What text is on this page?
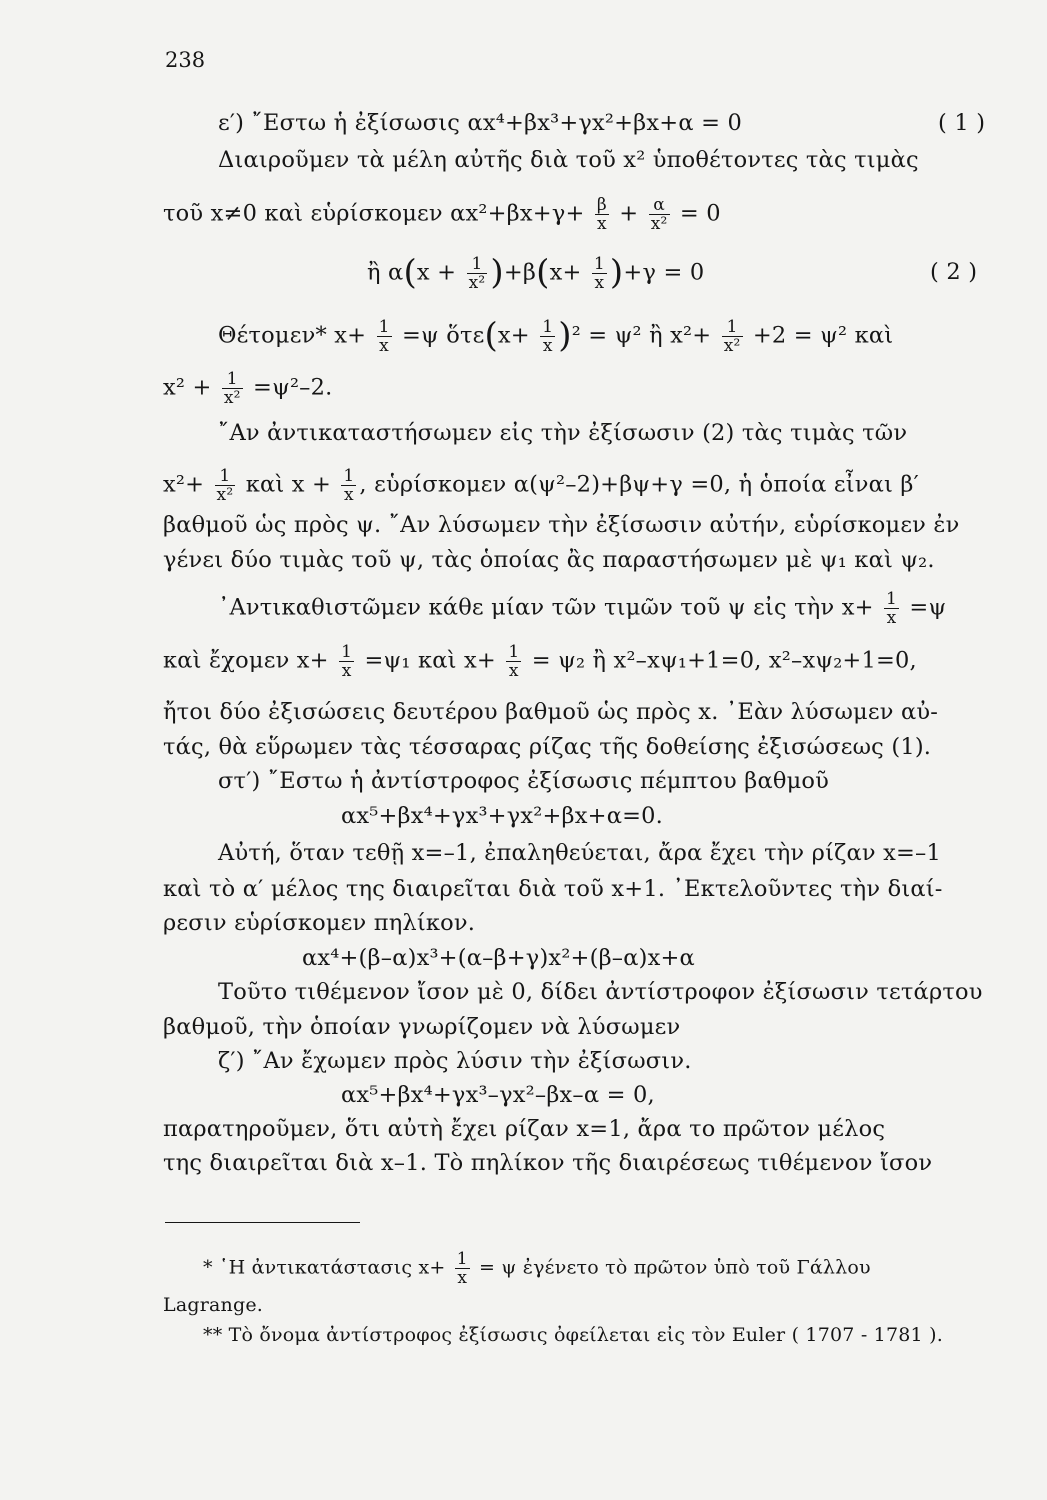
238
ε′) ῎Εστω ἡ ἐξίσωσις αx⁴+βx³+γx²+βx+α = 0	( 1 )
Διαιροῦμεν τὰ μέλη αὐτῆς διὰ τοῦ x² ὑποθέτοντες τὰς τιμὰς
τοῦ x≠0 καὶ εὑρίσκομεν $\alpha x^2+\beta x+\gamma+ \frac{\beta}{x} + \frac{\alpha}{\text{x²}} = 0$
ἢ $\alpha(x + \frac{1}{\text{x²}} )+\beta(x+ \frac{1}{x} )+\gamma = 0$	( 2 )
Θέτομεν* $x+ \frac{1}{x} =\psi$ ὅτε(x+ $\frac{1}{x} )^2 = \psi^2$ ἢ $x^2+ \frac{1}{\text{x²}} +2 = \psi^2$ καὶ
$x^2 + \frac{1}{\text{x²}} =\psi^2-2$.
῎Αν ἀντικαταστήσωμεν εἰς τὴν ἐξίσωσιν (2) τὰς τιμὰς τῶν
$x^2+ \frac{1}{\text{x²}}$ καὶ $x + \frac{1}{x}$ , εὑρίσκομεν α(ψ²–2)+βψ+γ =0, ἡ ὁποία εἶναι β′
βαθμοῦ ὡς πρὸς ψ. ῎Αν λύσωμεν τὴν ἐξίσωσιν αὐτήν, εὑρίσκομεν ἐν
γένει δύο τιμὰς τοῦ ψ, τὰς ὁποίας ἂς παραστήσωμεν μὲ ψ₁ καὶ ψ₂.
᾿Αντικαθιστῶμεν κάθε μίαν τῶν τιμῶν τοῦ ψ εἰς τὴν $x+ \frac{1}{x} =\psi$
καὶ ἔχομεν $x+ \frac{1}{x} =\psi_1$ καὶ $x+ \frac{1}{x} = \psi_2$ ἢ x²–xψ₁+1=0, x²–xψ₂+1=0,
ἤτοι δύο ἐξισώσεις δευτέρου βαθμοῦ ὡς πρὸς x. ᾿Εὰν λύσωμεν αὐ-
τάς, θὰ εὕρωμεν τὰς τέσσαρας ρίζας τῆς δοθείσης ἐξισώσεως (1).
στ′) ῎Εστω ἡ ἀντίστροφος ἐξίσωσις πέμπτου βαθμοῦ
αx⁵+βx⁴+γx³+γx²+βx+α=0.
Αὐτή, ὅταν τεθῇ x=–1, ἐπαληθεύεται, ἄρα ἔχει τὴν ρίζαν x=–1
καὶ τὸ α′ μέλος της διαιρεῖται διὰ τοῦ x+1. ᾿Εκτελοῦντες τὴν διαί-
ρεσιν εὑρίσκομεν πηλίκον.
αx⁴+(β–α)x³+(α–β+γ)x²+(β–α)x+α
Τοῦτο τιθέμενον ἴσον μὲ 0, δίδει ἀντίστροφον ἐξίσωσιν τετάρτου
βαθμοῦ, τὴν ὁποίαν γνωρίζομεν νὰ λύσωμεν
ζ′) ῎Αν ἔχωμεν πρὸς λύσιν τὴν ἐξίσωσιν.
αx⁵+βx⁴+γx³–γx²–βx–α = 0,
παρατηροῦμεν, ὅτι αὐτὴ ἔχει ρίζαν x=1, ἄρα το πρῶτον μέλος
της διαιρεῖται διὰ x–1. Τὸ πηλίκον τῆς διαιρέσεως τιθέμενον ἴσον
* ῾Η ἀντικατάστασις $x+ \frac{1}{x} = \psi$ ἐγένετο τὸ πρῶτον ὑπὸ τοῦ Γάλλου
Lagrange.
** Τὸ ὄνομα ἀντίστροφος ἐξίσωσις ὀφείλεται εἰς τὸν Euler ( 1707 - 1781 ).
